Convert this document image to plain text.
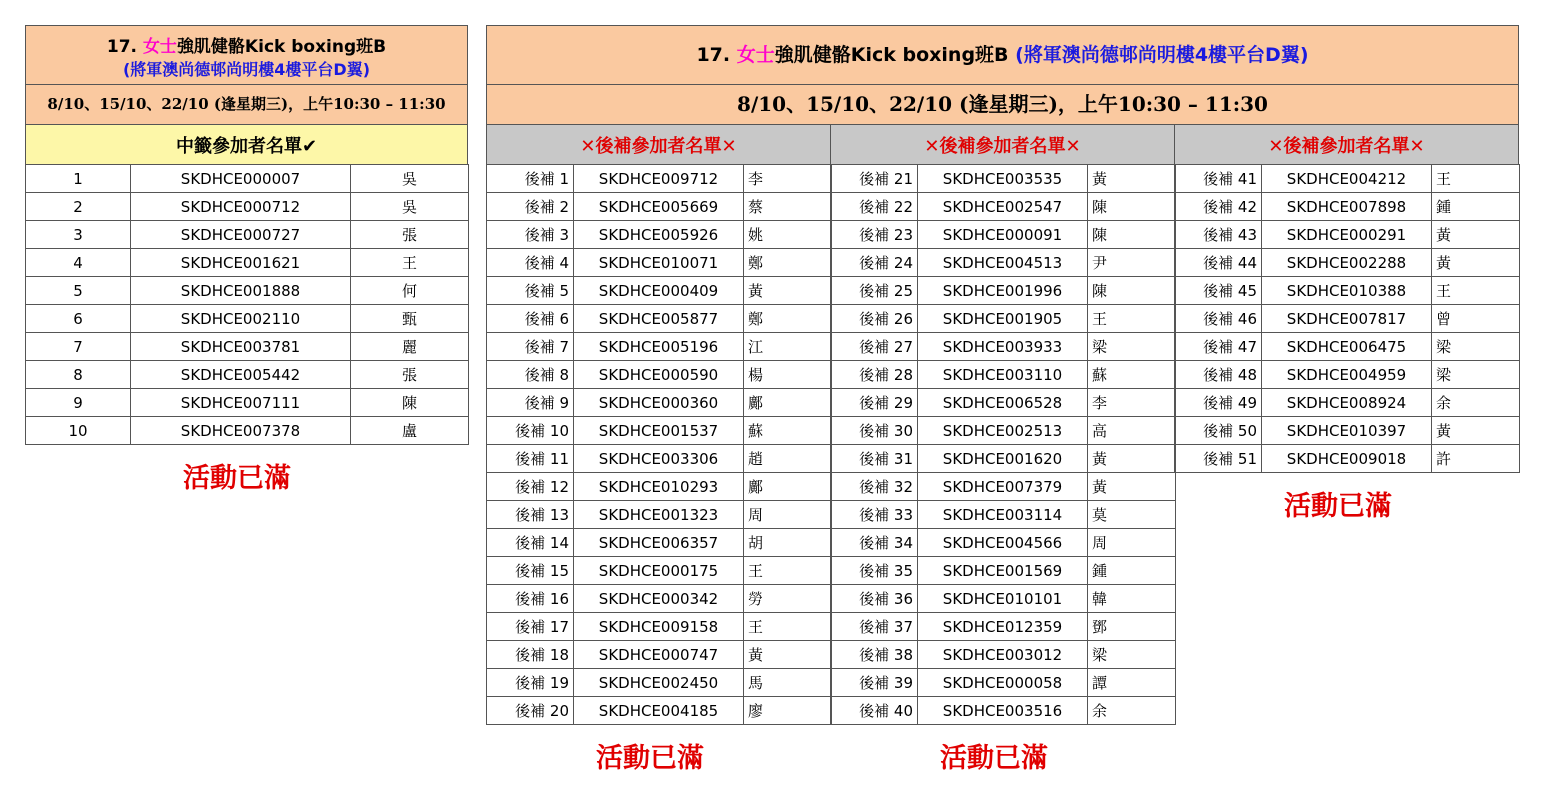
17. 女士強肌健骼Kick boxing班B
(將軍澳尚德邨尚明樓4樓平台D翼)
8/10、15/10、22/10 (逢星期三)，上午10:30 – 11:30
中籤參加者名單✔
1	SKDHCE000007	吳
2	SKDHCE000712	吳
3	SKDHCE000727	張
4	SKDHCE001621	王
5	SKDHCE001888	何
6	SKDHCE002110	甄
7	SKDHCE003781	麗
8	SKDHCE005442	張
9	SKDHCE007111	陳
10	SKDHCE007378	盧
活動已滿
17. 女士強肌健骼Kick boxing班B (將軍澳尚德邨尚明樓4樓平台D翼)
8/10、15/10、22/10 (逢星期三)，上午10:30 – 11:30
✕後補參加者名單✕	✕後補參加者名單✕	✕後補參加者名單✕
後補 1	SKDHCE009712	李
後補 2	SKDHCE005669	蔡
後補 3	SKDHCE005926	姚
後補 4	SKDHCE010071	鄭
後補 5	SKDHCE000409	黃
後補 6	SKDHCE005877	鄭
後補 7	SKDHCE005196	江
後補 8	SKDHCE000590	楊
後補 9	SKDHCE000360	鄺
後補 10	SKDHCE001537	蘇
後補 11	SKDHCE003306	趙
後補 12	SKDHCE010293	鄺
後補 13	SKDHCE001323	周
後補 14	SKDHCE006357	胡
後補 15	SKDHCE000175	王
後補 16	SKDHCE000342	勞
後補 17	SKDHCE009158	王
後補 18	SKDHCE000747	黃
後補 19	SKDHCE002450	馬
後補 20	SKDHCE004185	廖
後補 21	SKDHCE003535	黃
後補 22	SKDHCE002547	陳
後補 23	SKDHCE000091	陳
後補 24	SKDHCE004513	尹
後補 25	SKDHCE001996	陳
後補 26	SKDHCE001905	王
後補 27	SKDHCE003933	梁
後補 28	SKDHCE003110	蘇
後補 29	SKDHCE006528	李
後補 30	SKDHCE002513	高
後補 31	SKDHCE001620	黃
後補 32	SKDHCE007379	黃
後補 33	SKDHCE003114	莫
後補 34	SKDHCE004566	周
後補 35	SKDHCE001569	鍾
後補 36	SKDHCE010101	韓
後補 37	SKDHCE012359	鄧
後補 38	SKDHCE003012	梁
後補 39	SKDHCE000058	譚
後補 40	SKDHCE003516	余
後補 41	SKDHCE004212	王
後補 42	SKDHCE007898	鍾
後補 43	SKDHCE000291	黃
後補 44	SKDHCE002288	黃
後補 45	SKDHCE010388	王
後補 46	SKDHCE007817	曾
後補 47	SKDHCE006475	梁
後補 48	SKDHCE004959	梁
後補 49	SKDHCE008924	余
後補 50	SKDHCE010397	黃
後補 51	SKDHCE009018	許
活動已滿	活動已滿
活動已滿
